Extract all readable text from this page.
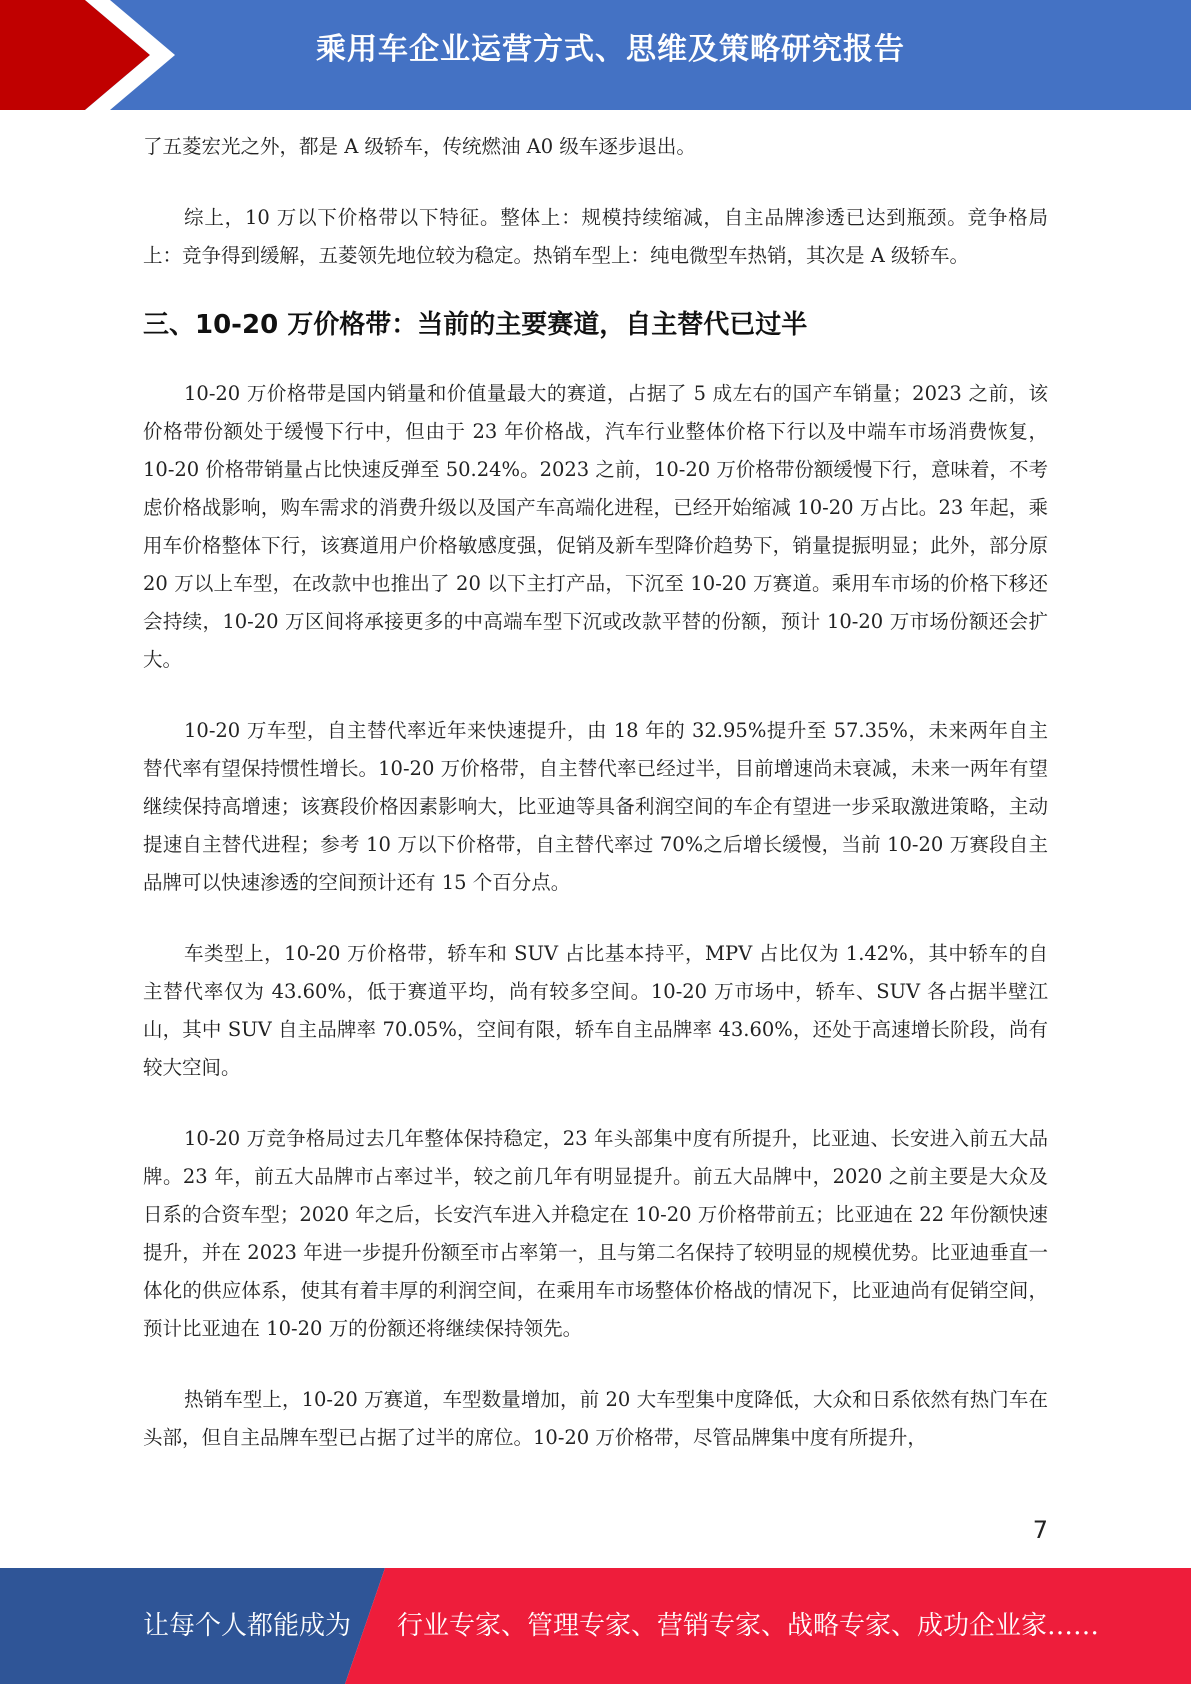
乘用车企业运营方式、思维及策略研究报告

了五菱宏光之外，都是 A 级轿车，传统燃油 A0 级车逐步退出。

综上，10 万以下价格带以下特征。整体上：规模持续缩减，自主品牌渗透已达到瓶颈。竞争格局上：竞争得到缓解，五菱领先地位较为稳定。热销车型上：纯电微型车热销，其次是 A 级轿车。

三、10-20 万价格带：当前的主要赛道，自主替代已过半

10-20 万价格带是国内销量和价值量最大的赛道，占据了 5 成左右的国产车销量；2023 之前，该价格带份额处于缓慢下行中，但由于 23 年价格战，汽车行业整体价格下行以及中端车市场消费恢复，10-20 价格带销量占比快速反弹至 50.24%。2023 之前，10-20 万价格带份额缓慢下行，意味着，不考虑价格战影响，购车需求的消费升级以及国产车高端化进程，已经开始缩减 10-20 万占比。23 年起，乘用车价格整体下行，该赛道用户价格敏感度强，促销及新车型降价趋势下，销量提振明显；此外，部分原 20 万以上车型，在改款中也推出了 20 以下主打产品，下沉至 10-20 万赛道。乘用车市场的价格下移还会持续，10-20 万区间将承接更多的中高端车型下沉或改款平替的份额，预计 10-20 万市场份额还会扩大。

10-20 万车型，自主替代率近年来快速提升，由 18 年的 32.95%提升至 57.35%，未来两年自主替代率有望保持惯性增长。10-20 万价格带，自主替代率已经过半，目前增速尚未衰减，未来一两年有望继续保持高增速；该赛段价格因素影响大，比亚迪等具备利润空间的车企有望进一步采取激进策略，主动提速自主替代进程；参考 10 万以下价格带，自主替代率过 70%之后增长缓慢，当前 10-20 万赛段自主品牌可以快速渗透的空间预计还有 15 个百分点。

车类型上，10-20 万价格带，轿车和 SUV 占比基本持平，MPV 占比仅为 1.42%，其中轿车的自主替代率仅为 43.60%，低于赛道平均，尚有较多空间。10-20 万市场中，轿车、SUV 各占据半壁江山，其中 SUV 自主品牌率 70.05%，空间有限，轿车自主品牌率 43.60%，还处于高速增长阶段，尚有较大空间。

10-20 万竞争格局过去几年整体保持稳定，23 年头部集中度有所提升，比亚迪、长安进入前五大品牌。23 年，前五大品牌市占率过半，较之前几年有明显提升。前五大品牌中，2020 之前主要是大众及日系的合资车型；2020 年之后，长安汽车进入并稳定在 10-20 万价格带前五；比亚迪在 22 年份额快速提升，并在 2023 年进一步提升份额至市占率第一，且与第二名保持了较明显的规模优势。比亚迪垂直一体化的供应体系，使其有着丰厚的利润空间，在乘用车市场整体价格战的情况下，比亚迪尚有促销空间，预计比亚迪在 10-20 万的份额还将继续保持领先。

热销车型上，10-20 万赛道，车型数量增加，前 20 大车型集中度降低，大众和日系依然有热门车在头部，但自主品牌车型已占据了过半的席位。10-20 万价格带，尽管品牌集中度有所提升，

7
让每个人都能成为 行业专家、管理专家、营销专家、战略专家、成功企业家……
